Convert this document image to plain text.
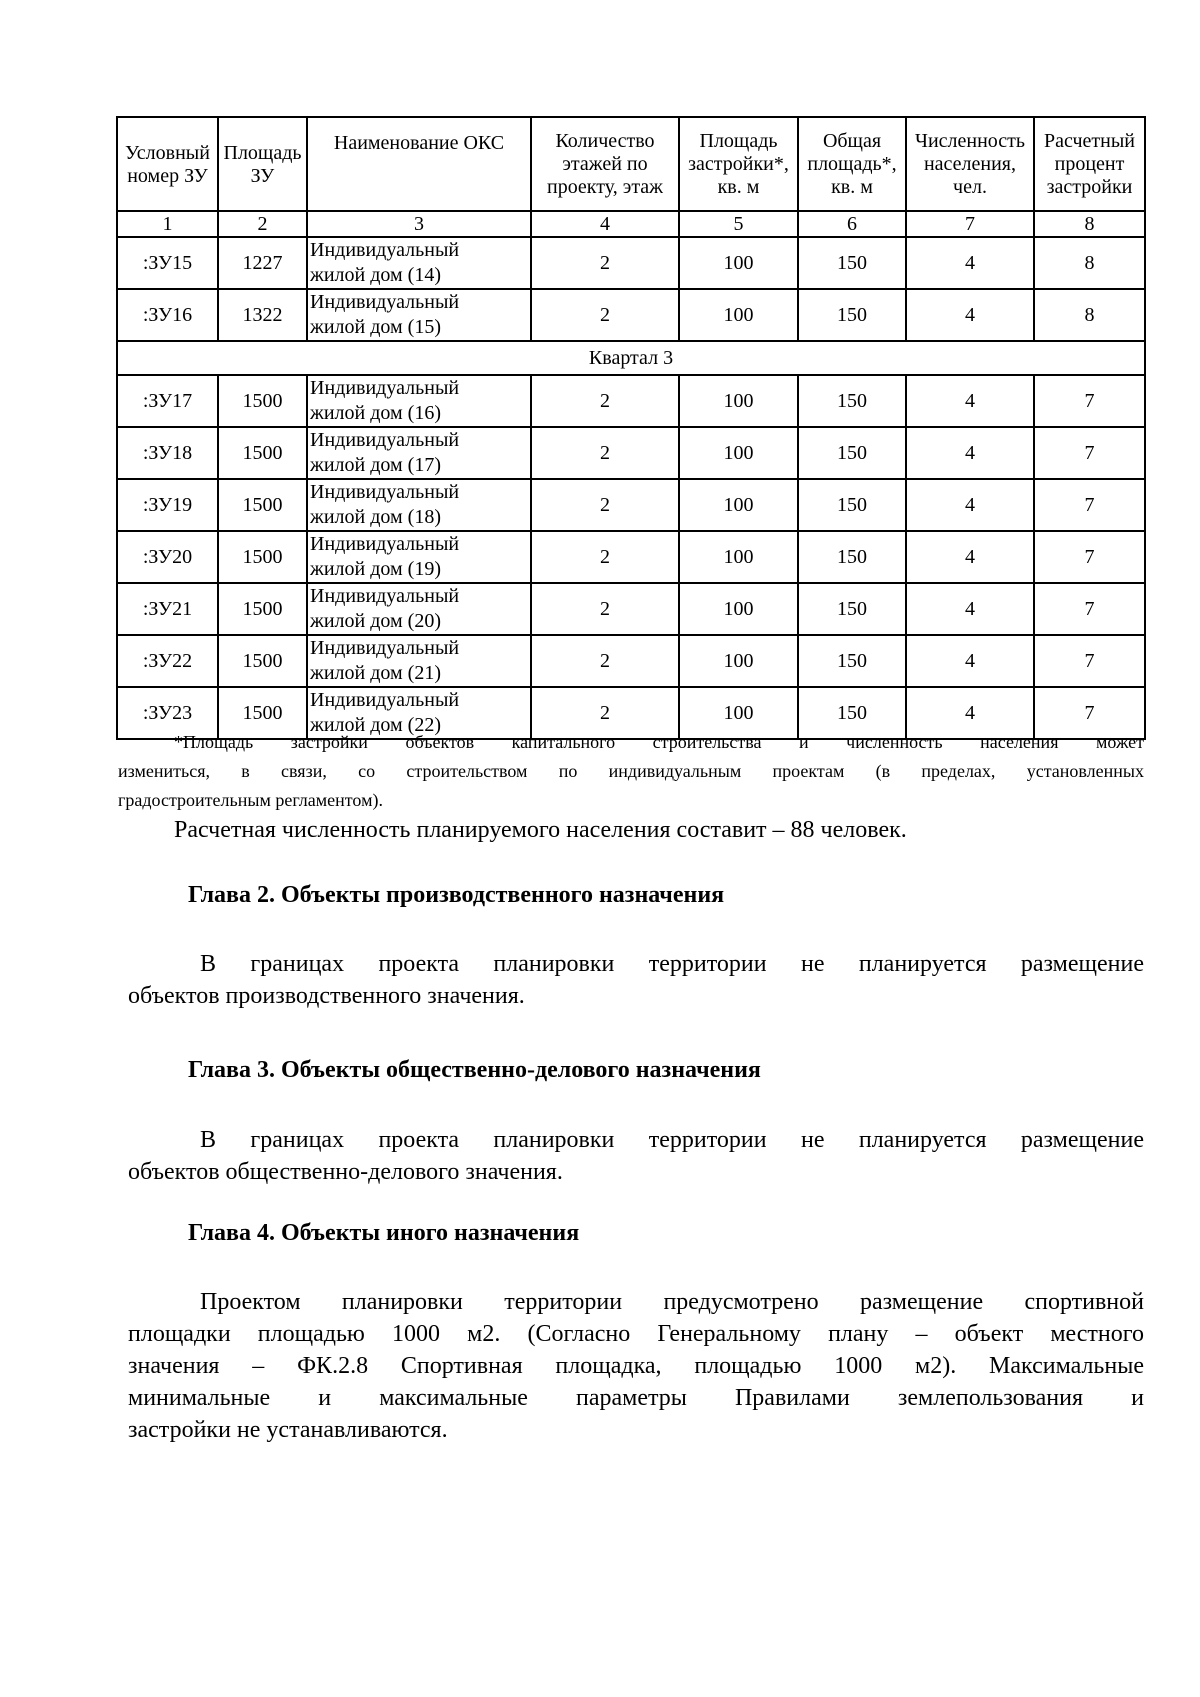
Условный
номер ЗУ	Площадь
ЗУ	Наименование ОКС	Количество
этажей по
проекту, этаж	Площадь
застройки*,
кв. м	Общая
площадь*,
кв. м	Численность
населения,
чел.	Расчетный
процент
застройки
1	2	3	4	5	6	7	8
:ЗУ15	1227	Индивидуальный
жилой дом (14)	2	100	150	4	8
:ЗУ16	1322	Индивидуальный
жилой дом (15)	2	100	150	4	8
Квартал 3							
:ЗУ17	1500	Индивидуальный
жилой дом (16)	2	100	150	4	7
:ЗУ18	1500	Индивидуальный
жилой дом (17)	2	100	150	4	7
:ЗУ19	1500	Индивидуальный
жилой дом (18)	2	100	150	4	7
:ЗУ20	1500	Индивидуальный
жилой дом (19)	2	100	150	4	7
:ЗУ21	1500	Индивидуальный
жилой дом (20)	2	100	150	4	7
:ЗУ22	1500	Индивидуальный
жилой дом (21)	2	100	150	4	7
:ЗУ23	1500	Индивидуальный
жилой дом (22)	2	100	150	4	7
*Площадь застройки объектов капитального строительства и численность населения может
измениться, в связи, со строительством по индивидуальным проектам (в пределах, установленных
градостроительным регламентом).
Расчетная численность планируемого населения составит – 88 человек.
Глава 2. Объекты производственного назначения
В границах проекта планировки территории не планируется размещение
объектов производственного значения.
Глава 3. Объекты общественно-делового назначения
В границах проекта планировки территории не планируется размещение
объектов общественно-делового значения.
Глава 4. Объекты иного назначения
Проектом планировки территории предусмотрено размещение спортивной
площадки площадью 1000 м2. (Согласно Генеральному плану – объект местного
значения – ФК.2.8 Спортивная площадка, площадью 1000 м2). Максимальные
минимальные и максимальные параметры Правилами землепользования и
застройки не устанавливаются.
